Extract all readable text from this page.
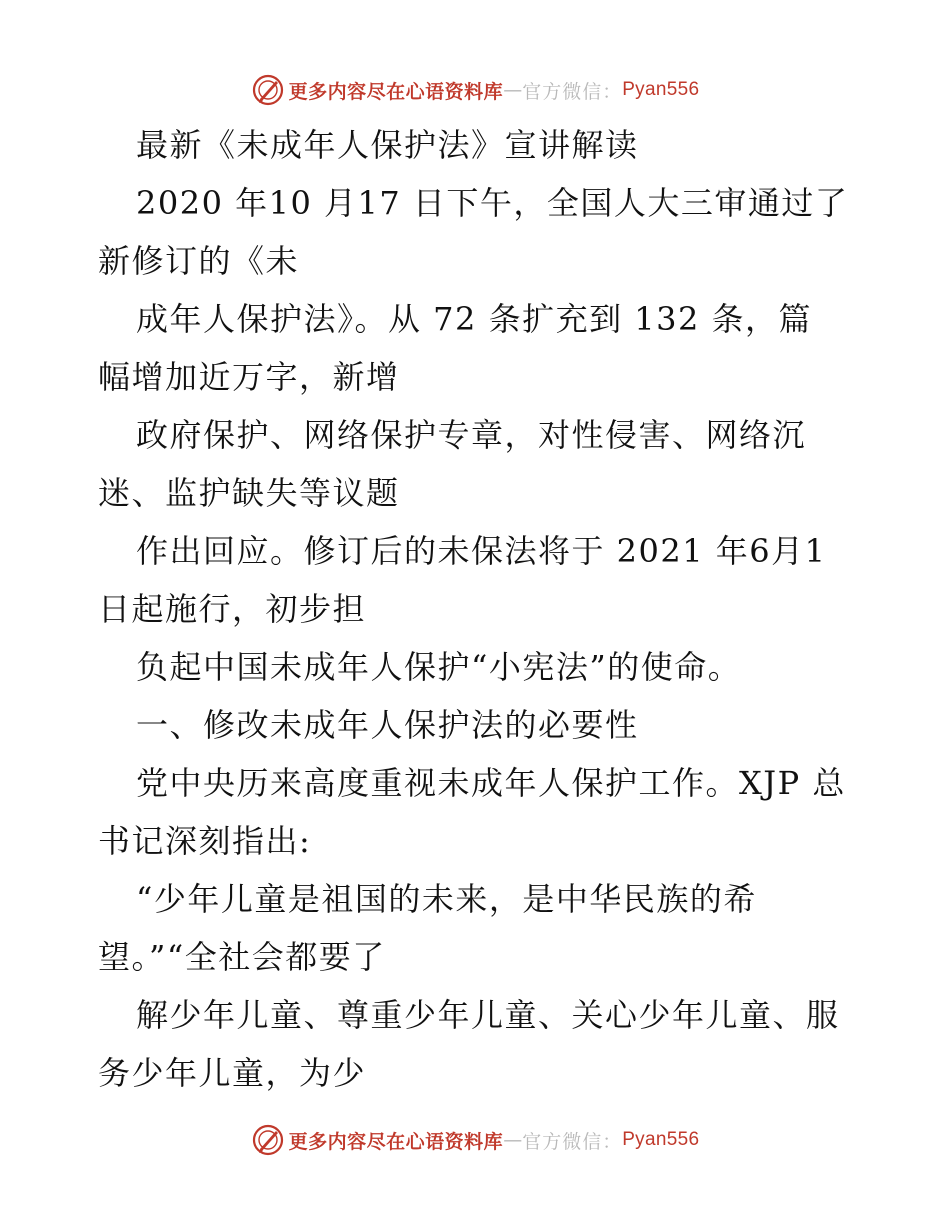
更多内容尽在心语资料库 — 官方微信： Pyan556

最新《未成年人保护法》宣讲解读

2020 年10 月17 日下午，全国人大三审通过了
新修订的《未

成年人保护法》。从 72 条扩充到 132 条，篇
幅增加近万字，新增

政府保护、网络保护专章，对性侵害、网络沉
迷、监护缺失等议题

作出回应。修订后的未保法将于 2021 年6月1
日起施行，初步担

负起中国未成年人保护“小宪法”的使命。

一、修改未成年人保护法的必要性

党中央历来高度重视未成年人保护工作。XJP 总
书记深刻指出:

“少年儿童是祖国的未来，是中华民族的希
望。”“全社会都要了

解少年儿童、尊重少年儿童、关心少年儿童、服
务少年儿童，为少

更多内容尽在心语资料库 — 官方微信： Pyan556
